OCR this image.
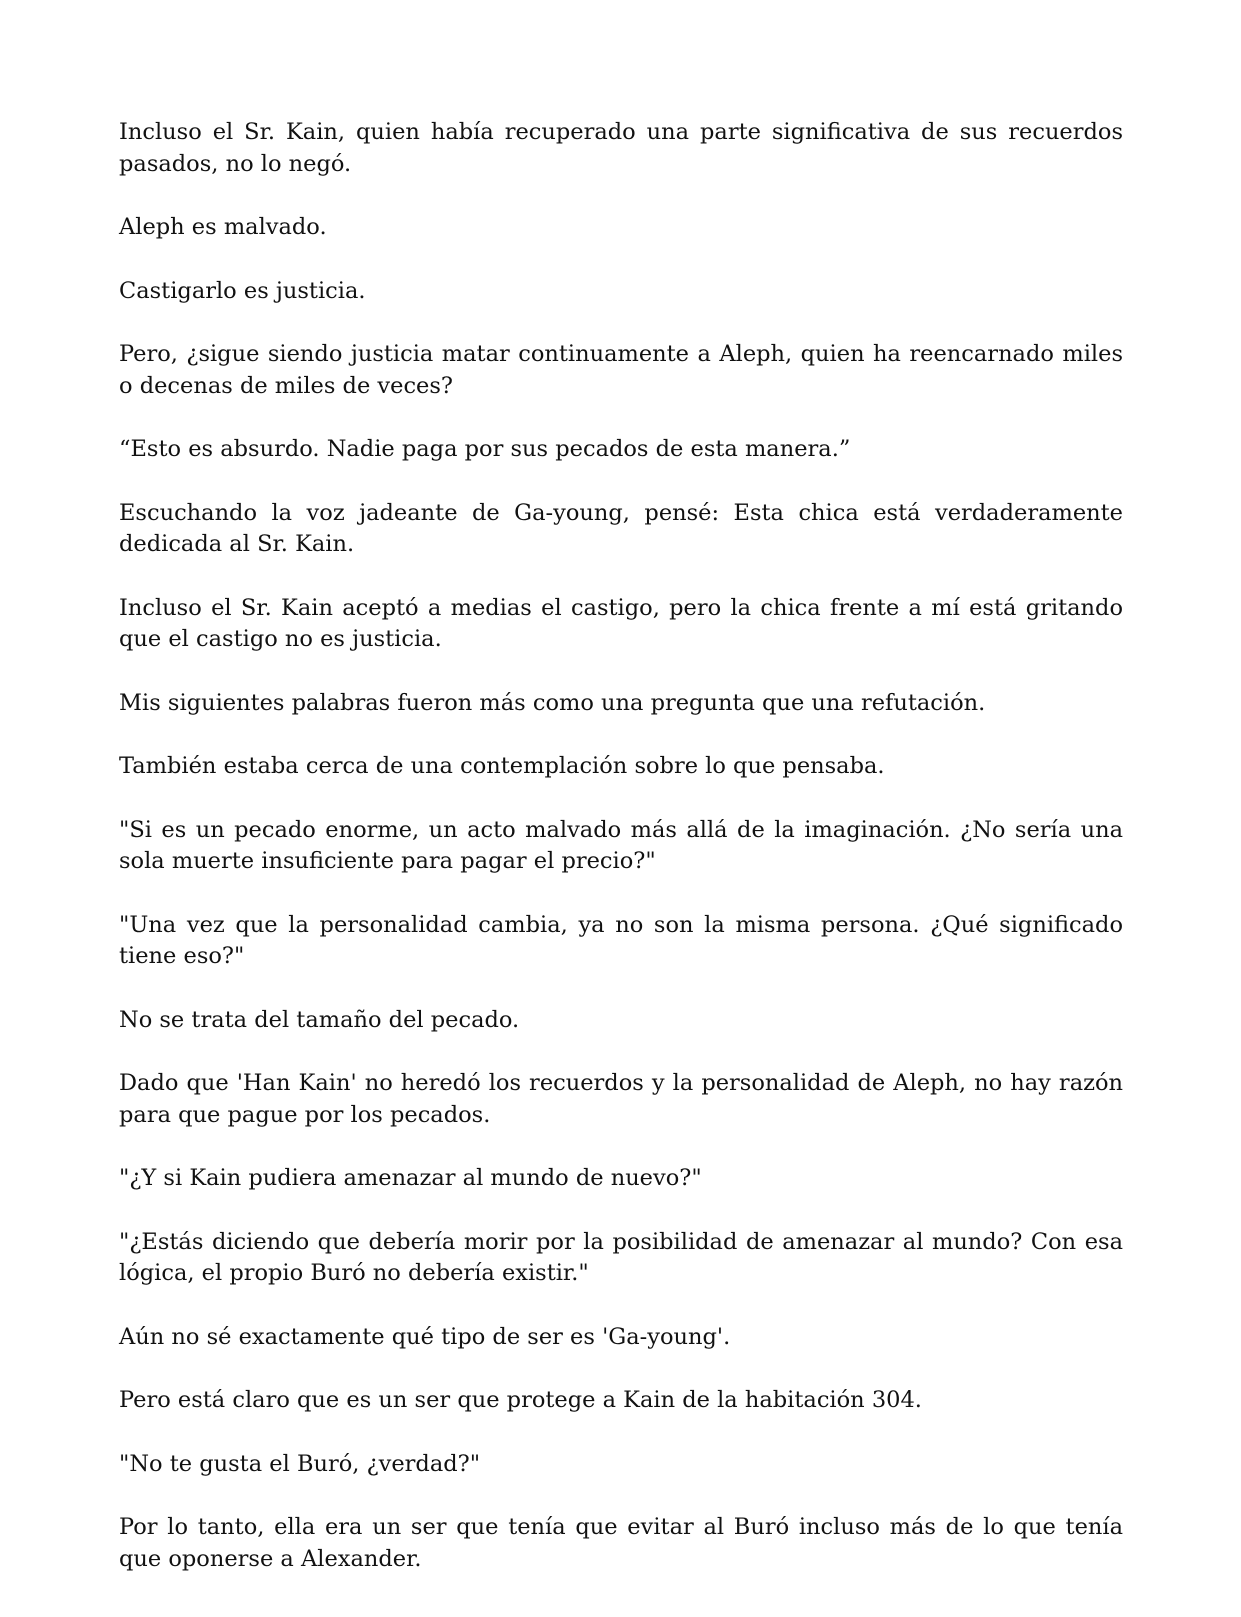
Incluso el Sr. Kain, quien había recuperado una parte significativa de sus recuerdos pasados, no lo negó.

Aleph es malvado.

Castigarlo es justicia.

Pero, ¿sigue siendo justicia matar continuamente a Aleph, quien ha reencarnado miles o decenas de miles de veces?

“Esto es absurdo. Nadie paga por sus pecados de esta manera.”

Escuchando la voz jadeante de Ga-young, pensé: Esta chica está verdaderamente dedicada al Sr. Kain.

Incluso el Sr. Kain aceptó a medias el castigo, pero la chica frente a mí está gritando que el castigo no es justicia.

Mis siguientes palabras fueron más como una pregunta que una refutación.

También estaba cerca de una contemplación sobre lo que pensaba.

"Si es un pecado enorme, un acto malvado más allá de la imaginación. ¿No sería una sola muerte insuficiente para pagar el precio?"

"Una vez que la personalidad cambia, ya no son la misma persona. ¿Qué significado tiene eso?"

No se trata del tamaño del pecado.

Dado que 'Han Kain' no heredó los recuerdos y la personalidad de Aleph, no hay razón para que pague por los pecados.

"¿Y si Kain pudiera amenazar al mundo de nuevo?"

"¿Estás diciendo que debería morir por la posibilidad de amenazar al mundo? Con esa lógica, el propio Buró no debería existir."

Aún no sé exactamente qué tipo de ser es 'Ga-young'.

Pero está claro que es un ser que protege a Kain de la habitación 304.

"No te gusta el Buró, ¿verdad?"

Por lo tanto, ella era un ser que tenía que evitar al Buró incluso más de lo que tenía que oponerse a Alexander.
